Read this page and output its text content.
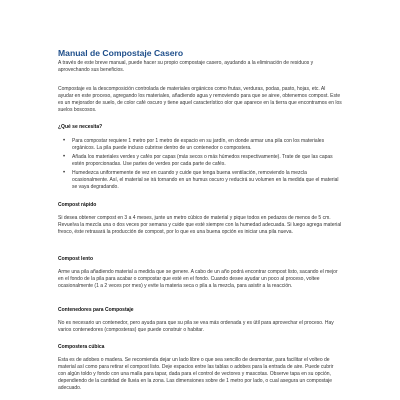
Manual de Compostaje Casero

A través de este breve manual, puede hacer su propio compostaje casero, ayudando a la eliminación de residuos y aprovechando sus beneficios.

Compostaje es la descomposición controlada de materiales orgánicos como frutas, verduras, podas, pasto, hojas, etc. Al ayudar en este proceso, agregando los materiales, añadiendo agua y removiendo para que se airee, obtenemos compost. Este es un mejorador de suelo, de color café oscuro y tiene aquel característico olor que aparece en la tierra que encontramos en los suelos boscosos.

¿Qué se necesita?
• Para compostar requiere 1 metro por 1 metro de espacio en su jardín, en donde armar una pila con los materiales orgánicos. La pila puede incluso cubrirse dentro de un contenedor o compostera.
• Añada los materiales verdes y cafés por capas (más secos o más húmedos respectivamente). Trate de que las capas estén proporcionadas. Use partes de verdes por cada parte de cafés.
• Humedezca uniformemente de vez en cuando y cuide que tenga buena ventilación, removiendo la mezcla ocasionalmente. Así, el material se irá tornando en un humus oscuro y reducirá su volumen en la medida que el material se vaya degradando.
Compost rápido
Si desea obtener compost en 3 a 4 meses, junte un metro cúbico de material y pique todos en pedazos de menos de 5 cm. Revuelva la mezcla una o dos veces por semana y cuide que esté siempre con la humedad adecuada. Si luego agrega material fresco, éste retrasará la producción de compost, por lo que es una buena opción es iniciar una pila nueva.
Compost lento
Arme una pila añadiendo material a medida que se genere. A cabo de un año podrá encontrar compost listo, sacando el mejor en el fondo de la pila para acabar o compostar que esté en el fondo. Cuando desee ayudar un poco al proceso, voltee ocasionalmente (1 a 2 veces por mes) y evite la materia seca o pila a la mezcla, para asistir a la reacción.
Contenedores para Compostaje
No es necesario un contenedor, pero ayuda para que su pila se vea más ordenada y es útil para aprovechar el proceso. Hay varios contenedores (composteras) que puede construir o habitar.
Compostera cúbica
Esta es de adobes o madera. Se recomienda dejar un lado libre o que sea sencillo de desmontar, para facilitar el volteo de material así como para retirar el compost listo. Deje espacios entre las tablas o adobes para la entrada de aire. Puede cubrir con algún toldo y fondo con una malla para tapar, dada para el control de vectores y mascotas. Observe tapa en su opción, dependiendo de la cantidad de lluvia en la zona. Las dimensiones sobre de 1 metro por lado, o cual asegura un compostaje adecuado.
